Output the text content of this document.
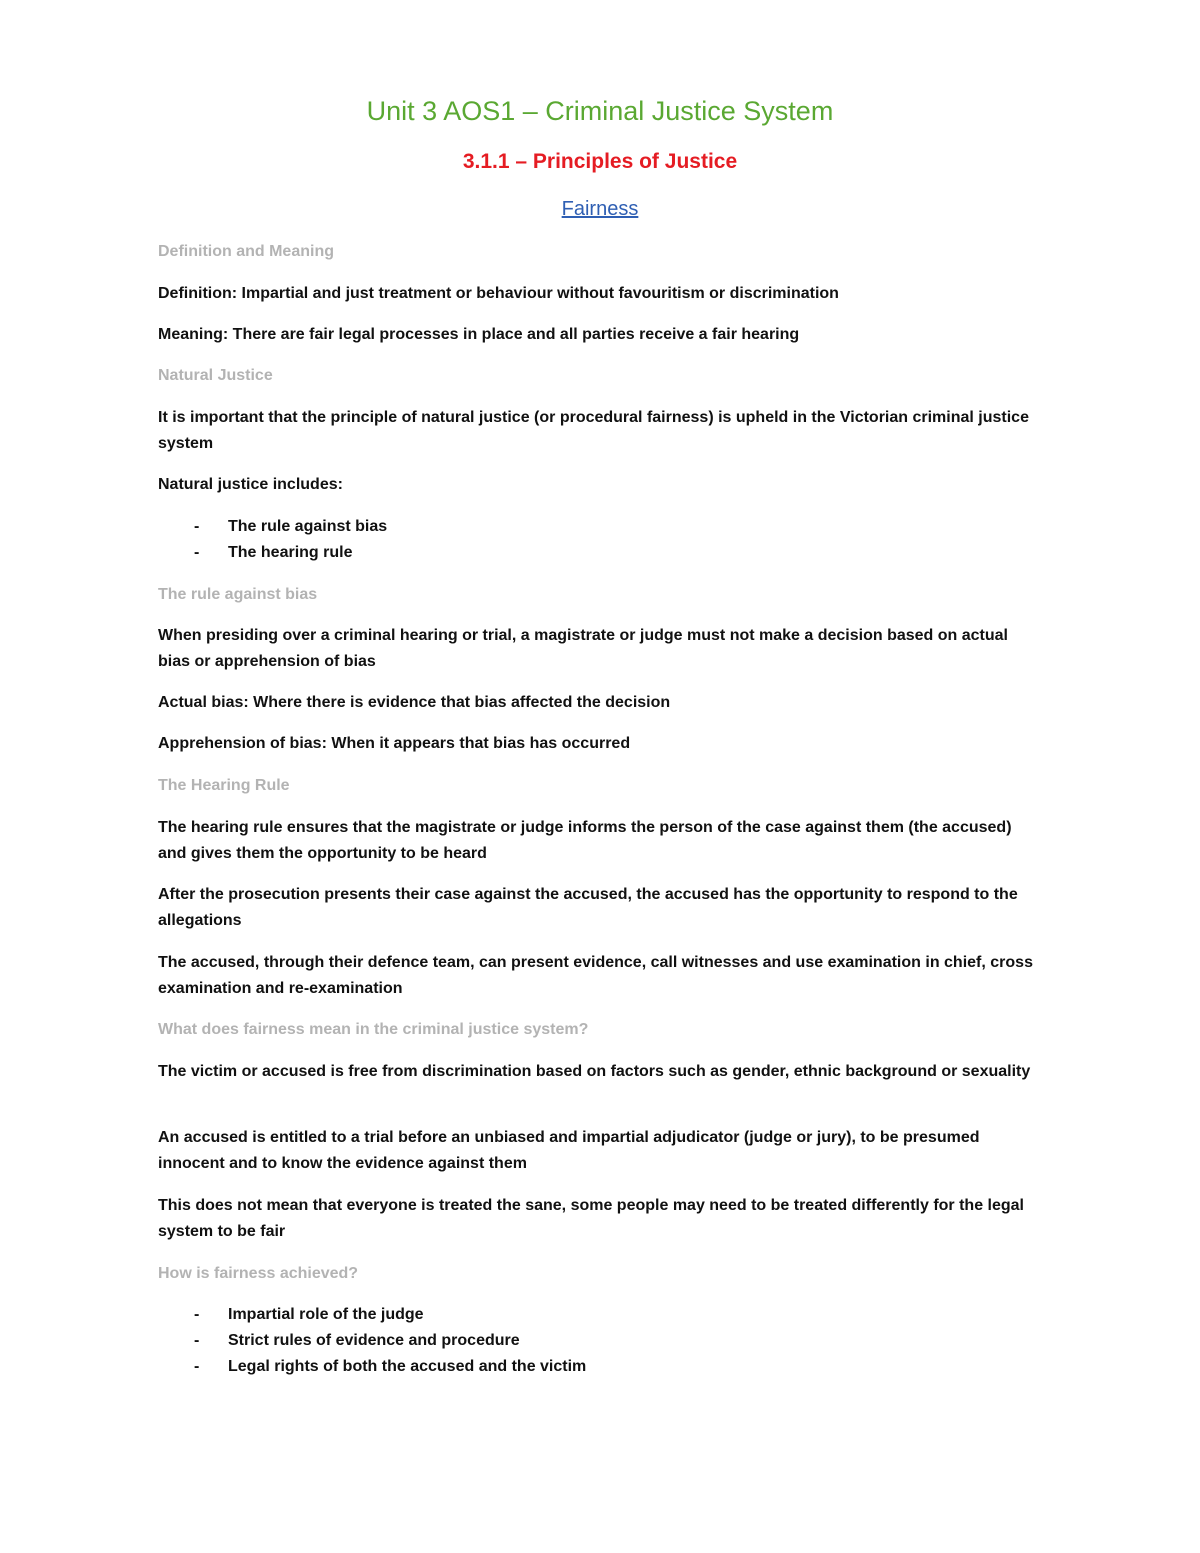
Unit 3 AOS1 – Criminal Justice System
3.1.1 – Principles of Justice
Fairness
Definition and Meaning
Definition: Impartial and just treatment or behaviour without favouritism or discrimination
Meaning: There are fair legal processes in place and all parties receive a fair hearing
Natural Justice
It is important that the principle of natural justice (or procedural fairness) is upheld in the Victorian criminal justice system
Natural justice includes:
- The rule against bias
- The hearing rule
The rule against bias
When presiding over a criminal hearing or trial, a magistrate or judge must not make a decision based on actual bias or apprehension of bias
Actual bias: Where there is evidence that bias affected the decision
Apprehension of bias: When it appears that bias has occurred
The Hearing Rule
The hearing rule ensures that the magistrate or judge informs the person of the case against them (the accused) and gives them the opportunity to be heard
After the prosecution presents their case against the accused, the accused has the opportunity to respond to the allegations
The accused, through their defence team, can present evidence, call witnesses and use examination in chief, cross examination and re-examination
What does fairness mean in the criminal justice system?
The victim or accused is free from discrimination based on factors such as gender, ethnic background or sexuality
An accused is entitled to a trial before an unbiased and impartial adjudicator (judge or jury), to be presumed innocent and to know the evidence against them
This does not mean that everyone is treated the sane, some people may need to be treated differently for the legal system to be fair
How is fairness achieved?
- Impartial role of the judge
- Strict rules of evidence and procedure
- Legal rights of both the accused and the victim
